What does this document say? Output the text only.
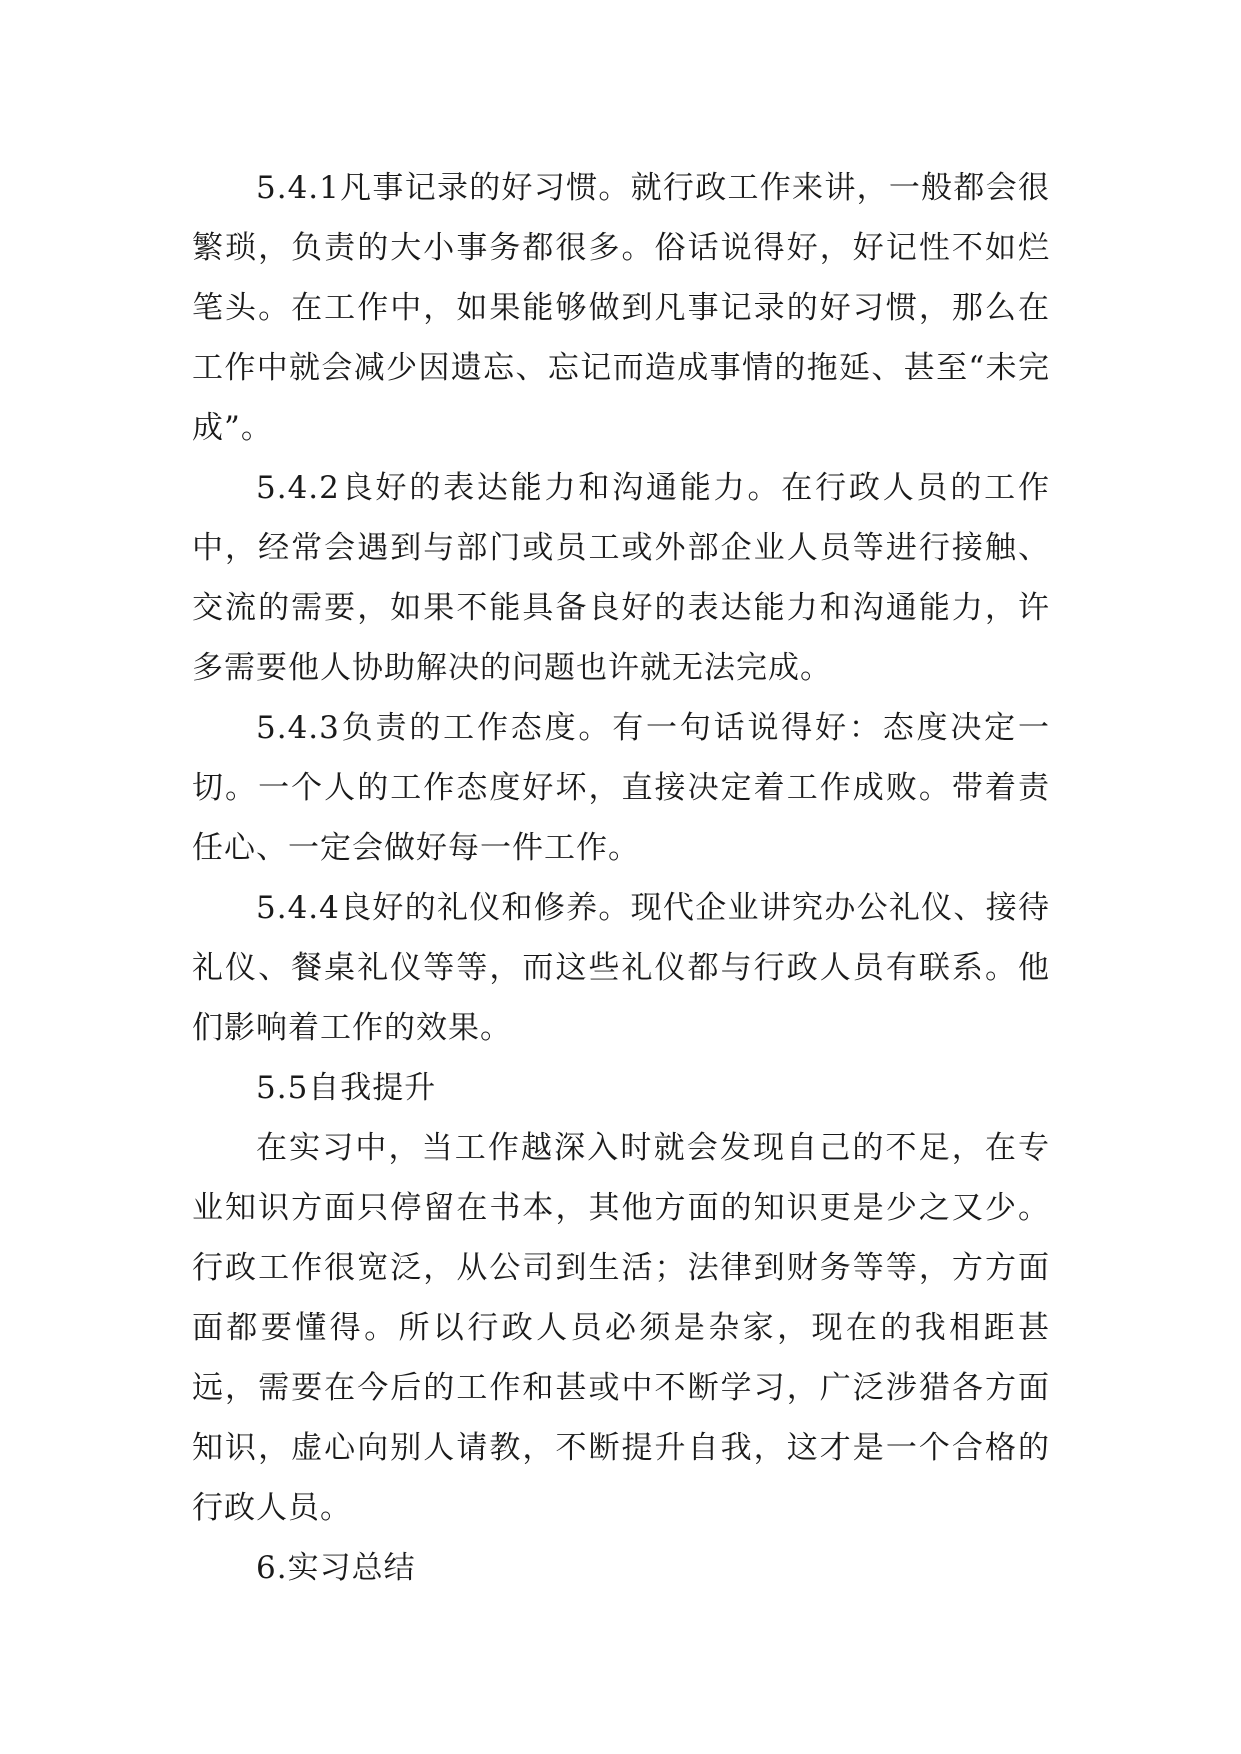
5.4.1凡事记录的好习惯。就行政工作来讲，一般都会很繁琐，负责的大小事务都很多。俗话说得好，好记性不如烂笔头。在工作中，如果能够做到凡事记录的好习惯，那么在工作中就会减少因遗忘、忘记而造成事情的拖延、甚至“未完成”。

5.4.2良好的表达能力和沟通能力。在行政人员的工作中，经常会遇到与部门或员工或外部企业人员等进行接触、交流的需要，如果不能具备良好的表达能力和沟通能力，许多需要他人协助解决的问题也许就无法完成。

5.4.3负责的工作态度。有一句话说得好：态度决定一切。一个人的工作态度好坏，直接决定着工作成败。带着责任心、一定会做好每一件工作。

5.4.4良好的礼仪和修养。现代企业讲究办公礼仪、接待礼仪、餐桌礼仪等等，而这些礼仪都与行政人员有联系。他们影响着工作的效果。

5.5自我提升

在实习中，当工作越深入时就会发现自己的不足，在专业知识方面只停留在书本，其他方面的知识更是少之又少。行政工作很宽泛，从公司到生活；法律到财务等等，方方面面都要懂得。所以行政人员必须是杂家，现在的我相距甚远，需要在今后的工作和甚或中不断学习，广泛涉猎各方面知识，虚心向别人请教，不断提升自我，这才是一个合格的行政人员。

6.实习总结
